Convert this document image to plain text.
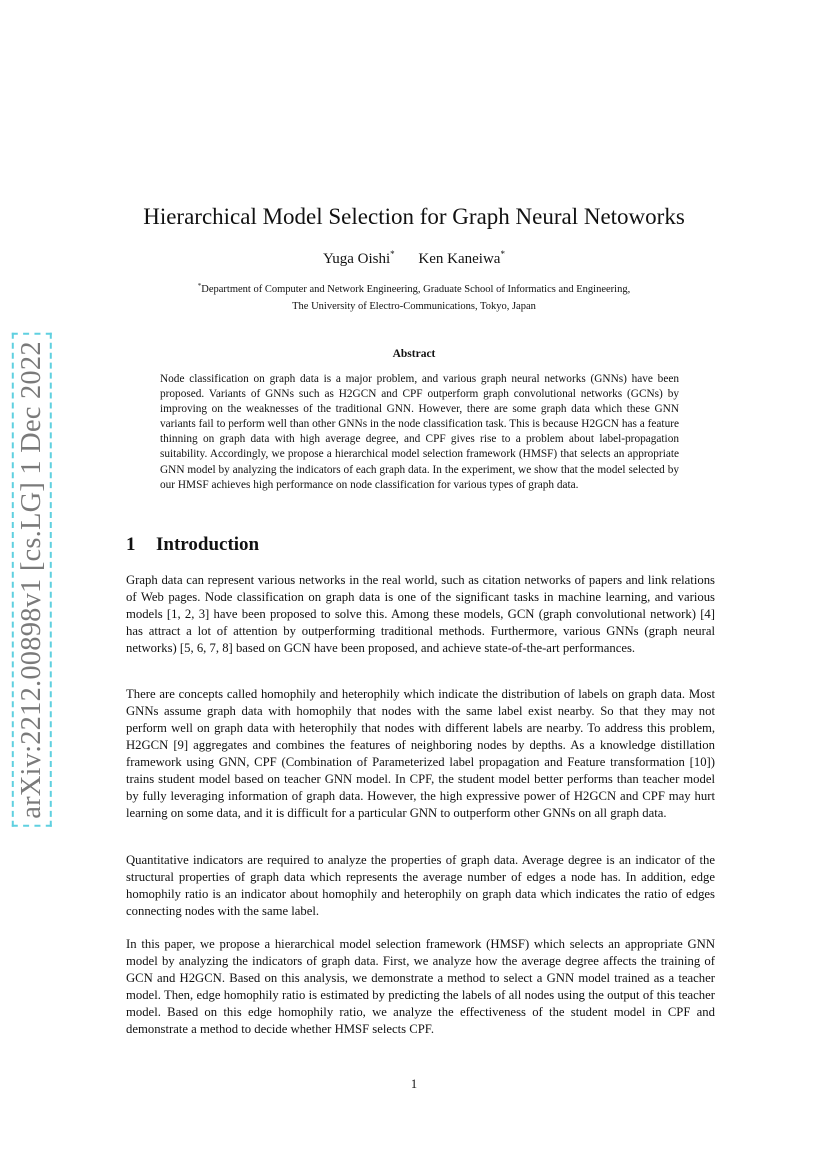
arXiv:2212.00898v1 [cs.LG] 1 Dec 2022
Hierarchical Model Selection for Graph Neural Netoworks
Yuga Oishi* Ken Kaneiwa*
*Department of Computer and Network Engineering, Graduate School of Informatics and Engineering,
The University of Electro-Communications, Tokyo, Japan
Abstract

Node classification on graph data is a major problem, and various graph neural networks (GNNs) have been proposed. Variants of GNNs such as H2GCN and CPF outperform graph convolutional networks (GCNs) by improving on the weaknesses of the traditional GNN. However, there are some graph data which these GNN variants fail to perform well than other GNNs in the node classification task. This is because H2GCN has a feature thinning on graph data with high average degree, and CPF gives rise to a problem about label-propagation suitability. Accordingly, we propose a hierarchical model selection framework (HMSF) that selects an appropriate GNN model by analyzing the indicators of each graph data. In the experiment, we show that the model selected by our HMSF achieves high performance on node classification for various types of graph data.

1 Introduction

Graph data can represent various networks in the real world, such as citation networks of papers and link relations of Web pages. Node classification on graph data is one of the significant tasks in machine learning, and various models [1, 2, 3] have been proposed to solve this. Among these models, GCN (graph convolutional network) [4] has attract a lot of attention by outperforming traditional methods. Furthermore, various GNNs (graph neural networks) [5, 6, 7, 8] based on GCN have been proposed, and achieve state-of-the-art performances.

There are concepts called homophily and heterophily which indicate the distribution of labels on graph data. Most GNNs assume graph data with homophily that nodes with the same label exist nearby. So that they may not perform well on graph data with heterophily that nodes with different labels are nearby. To address this problem, H2GCN [9] aggregates and combines the features of neighboring nodes by depths. As a knowledge distillation framework using GNN, CPF (Combination of Parameterized label propagation and Feature transformation [10]) trains student model based on teacher GNN model. In CPF, the student model better performs than teacher model by fully leveraging information of graph data. However, the high expressive power of H2GCN and CPF may hurt learning on some data, and it is difficult for a particular GNN to outperform other GNNs on all graph data.

Quantitative indicators are required to analyze the properties of graph data. Average degree is an indicator of the structural properties of graph data which represents the average number of edges a node has. In addition, edge homophily ratio is an indicator about homophily and heterophily on graph data which indicates the ratio of edges connecting nodes with the same label.

In this paper, we propose a hierarchical model selection framework (HMSF) which selects an appropriate GNN model by analyzing the indicators of graph data. First, we analyze how the average degree affects the training of GCN and H2GCN. Based on this analysis, we demonstrate a method to select a GNN model trained as a teacher model. Then, edge homophily ratio is estimated by predicting the labels of all nodes using the output of this teacher model. Based on this edge homophily ratio, we analyze the effectiveness of the student model in CPF and demonstrate a method to decide whether HMSF selects CPF.

1
